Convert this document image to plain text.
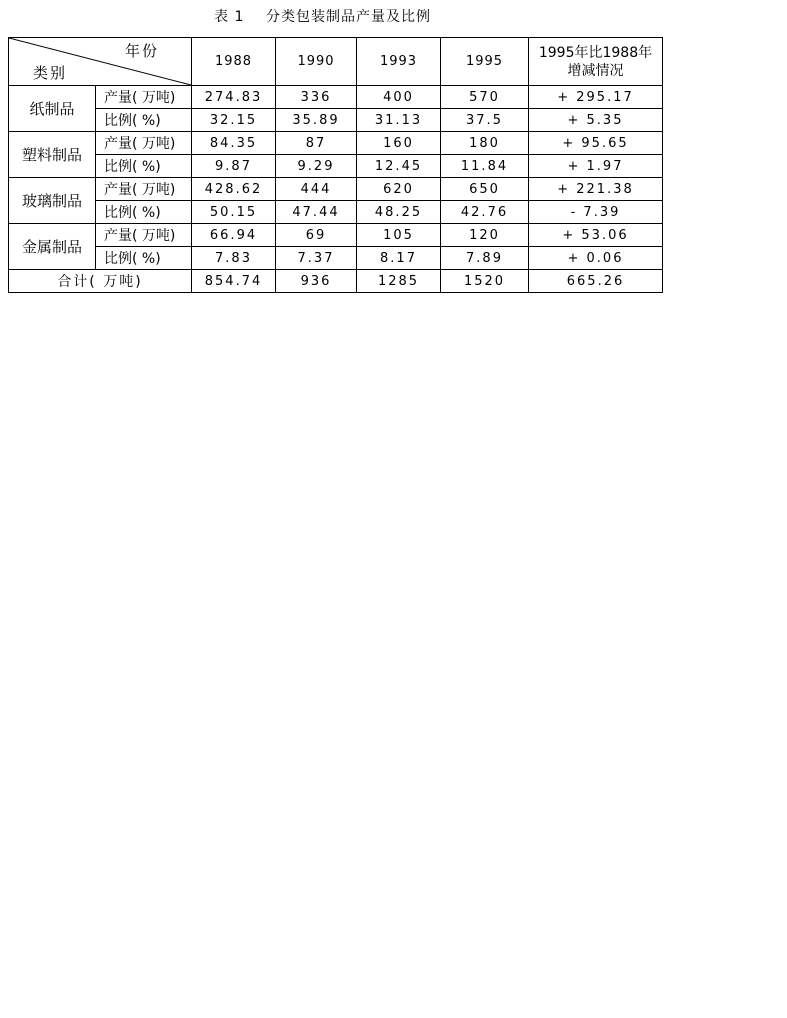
表 1 分类包装制品产量及比例
年份
类别		1988	1990	1993	1995	1995年比1988年
增减情况
纸制品	产量( 万吨)	274.83	336	400	570	+ 295.17
	比例( %)	32.15	35.89	31.13	37.5	+ 5.35
塑料制品	产量( 万吨)	84.35	87	160	180	+ 95.65
	比例( %)	9.87	9.29	12.45	11.84	+ 1.97
玻璃制品	产量( 万吨)	428.62	444	620	650	+ 221.38
	比例( %)	50.15	47.44	48.25	42.76	- 7.39
金属制品	产量( 万吨)	66.94	69	105	120	+ 53.06
	比例( %)	7.83	7.37	8.17	7.89	+ 0.06
合计( 万吨)		854.74	936	1285	1520	665.26
